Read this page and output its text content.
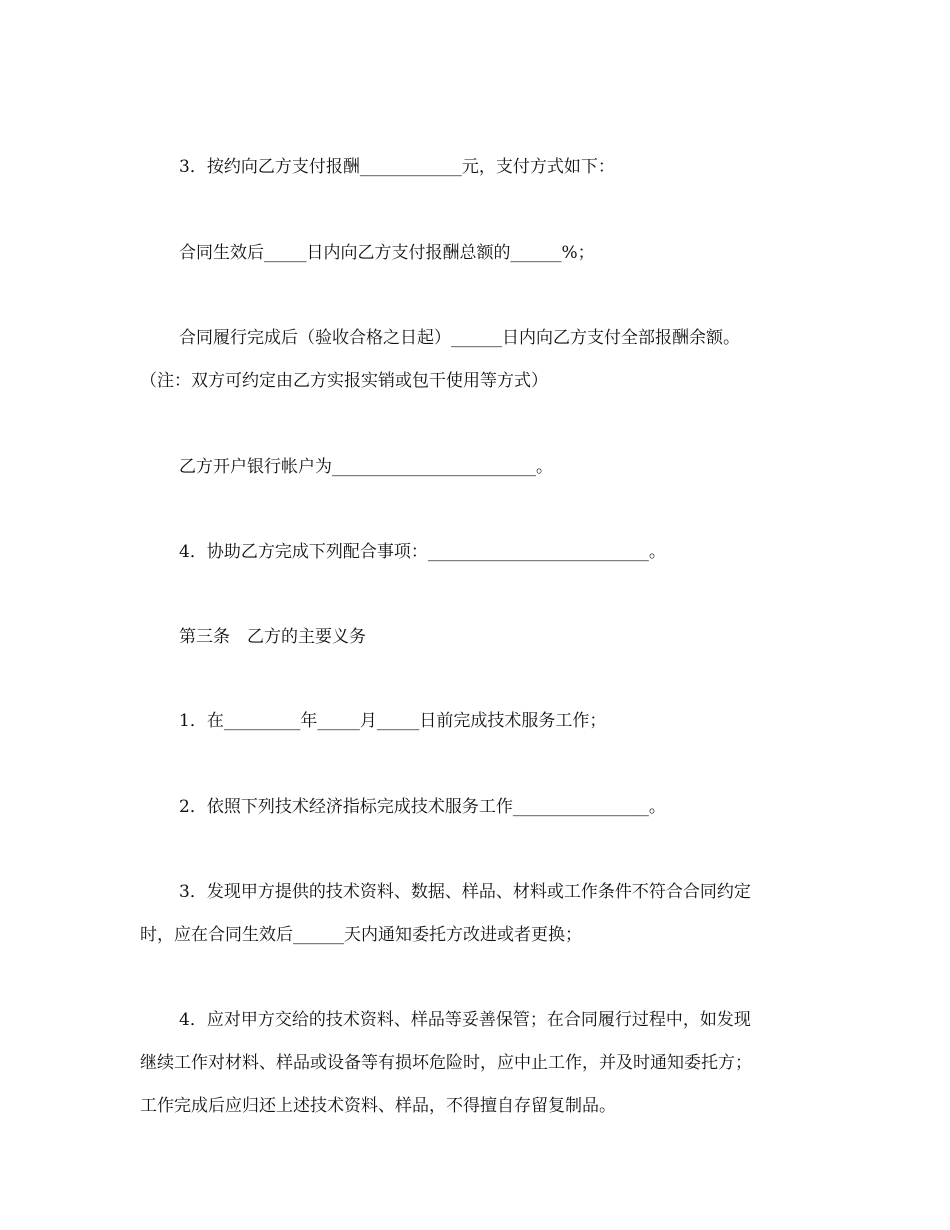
3．按约向乙方支付报酬____________元，支付方式如下：
合同生效后_____日内向乙方支付报酬总额的______%；
合同履行完成后（验收合格之日起）______日内向乙方支付全部报酬余额。
（注：双方可约定由乙方实报实销或包干使用等方式）
乙方开户银行帐户为________________________。
4．协助乙方完成下列配合事项：__________________________。
第三条　乙方的主要义务
1．在_________年_____月_____日前完成技术服务工作；
2．依照下列技术经济指标完成技术服务工作________________。
3．发现甲方提供的技术资料、数据、样品、材料或工作条件不符合合同约定
时，应在合同生效后______天内通知委托方改进或者更换；
4．应对甲方交给的技术资料、样品等妥善保管；在合同履行过程中，如发现
继续工作对材料、样品或设备等有损坏危险时，应中止工作，并及时通知委托方；
工作完成后应归还上述技术资料、样品，不得擅自存留复制品。
